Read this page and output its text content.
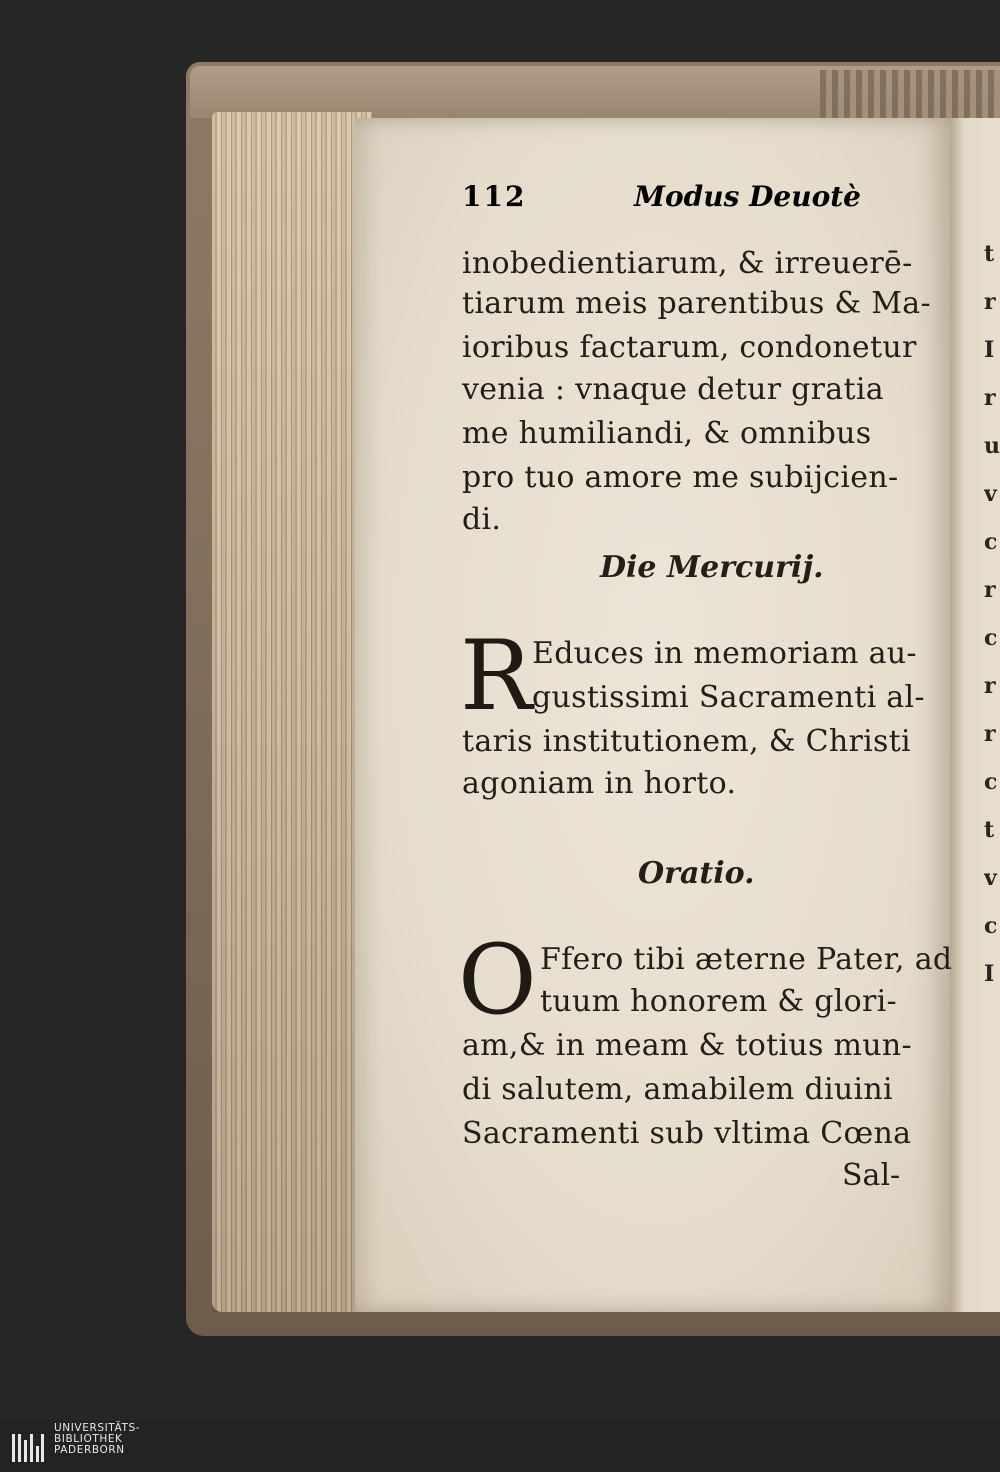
t
r
I
r
u
v
c
r
c
r
r
c
t
v
c
I
112	Modus Deuotè
inobedientiarum, & irreuerē-
tiarum meis parentibus & Ma-
ioribus factarum, condonetur
venia : vnaque detur gratia
me humiliandi, & omnibus
pro tuo amore me subijcien-
di.
Die Mercurij.
R Educes in memoriam au-
gustissimi Sacramenti al-
taris institutionem, & Christi
agoniam in horto.
Oratio.
O Ffero tibi æterne Pater, ad
tuum honorem & glori-
am,& in meam & totius mun-
di salutem, amabilem diuini
Sacramenti sub vltima Cœna
Sal-
UNIVERSITÄTS-
BIBLIOTHEK
PADERBORN
